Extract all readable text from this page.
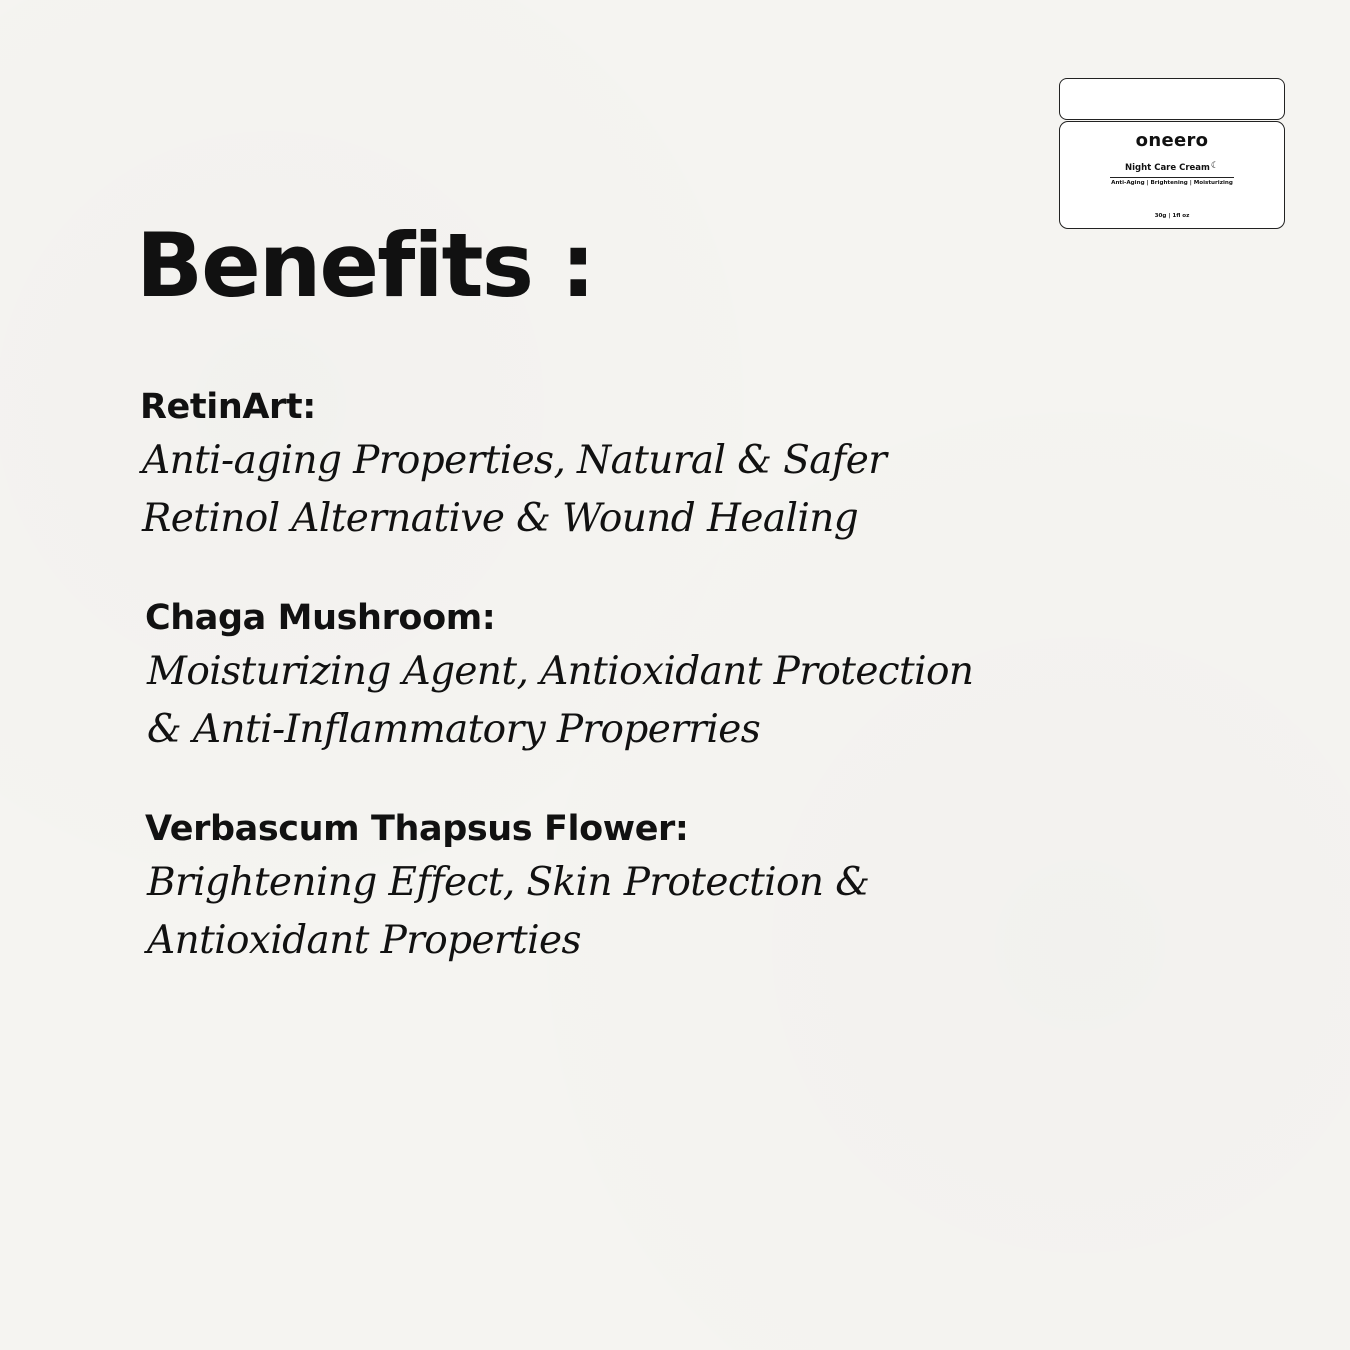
oneero
Night Care Cream☾
Anti-Aging | Brightening | Moisturizing
30g | 1fl oz
Benefits :
RetinArt:
Anti-aging Properties, Natural & Safer
Retinol Alternative & Wound Healing
Chaga Mushroom:
Moisturizing Agent, Antioxidant Protection
& Anti-Inflammatory Properries
Verbascum Thapsus Flower:
Brightening Effect, Skin Protection &
Antioxidant Properties
